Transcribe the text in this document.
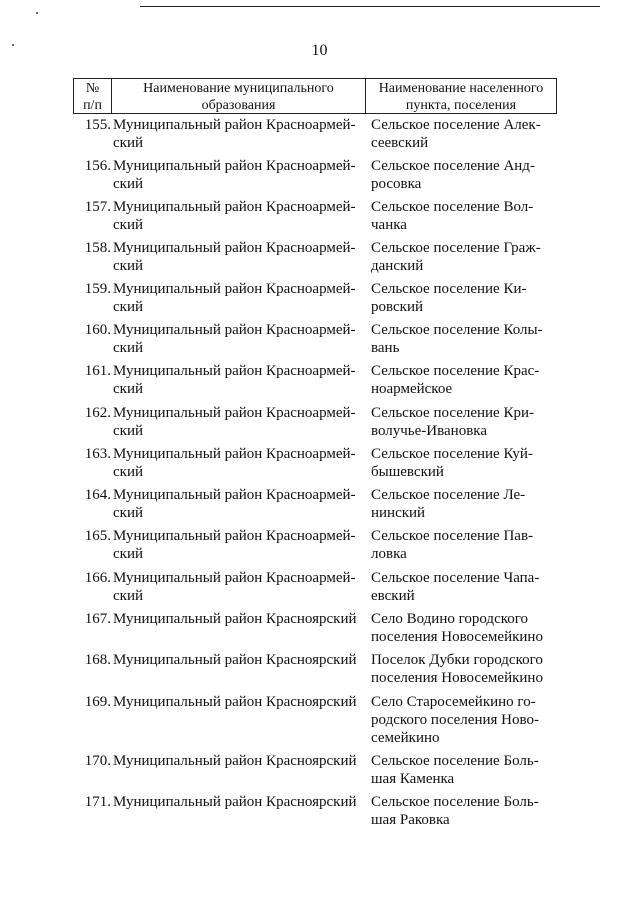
10
№
п/п
Наименование муниципального
образования
Наименование населенного
пункта, поселения
155. Муниципальный район Красноармей-
ский
Сельское поселение Алек-
сеевский
156. Муниципальный район Красноармей-
ский
Сельское поселение Анд-
росовка
157. Муниципальный район Красноармей-
ский
Сельское поселение Вол-
чанка
158. Муниципальный район Красноармей-
ский
Сельское поселение Граж-
данский
159. Муниципальный район Красноармей-
ский
Сельское поселение Ки-
ровский
160. Муниципальный район Красноармей-
ский
Сельское поселение Колы-
вань
161. Муниципальный район Красноармей-
ский
Сельское поселение Крас-
ноармейское
162. Муниципальный район Красноармей-
ский
Сельское поселение Кри-
волучье-Ивановка
163. Муниципальный район Красноармей-
ский
Сельское поселение Куй-
бышевский
164. Муниципальный район Красноармей-
ский
Сельское поселение Ле-
нинский
165. Муниципальный район Красноармей-
ский
Сельское поселение Пав-
ловка
166. Муниципальный район Красноармей-
ский
Сельское поселение Чапа-
евский
167. Муниципальный район Красноярский Село Водино городского
поселения Новосемейкино
168. Муниципальный район Красноярский Поселок Дубки городского
поселения Новосемейкино
169. Муниципальный район Красноярский Село Старосемейкино го-
родского поселения Ново-
семейкино
170. Муниципальный район Красноярский Сельское поселение Боль-
шая Каменка
171. Муниципальный район Красноярский Сельское поселение Боль-
шая Раковка
